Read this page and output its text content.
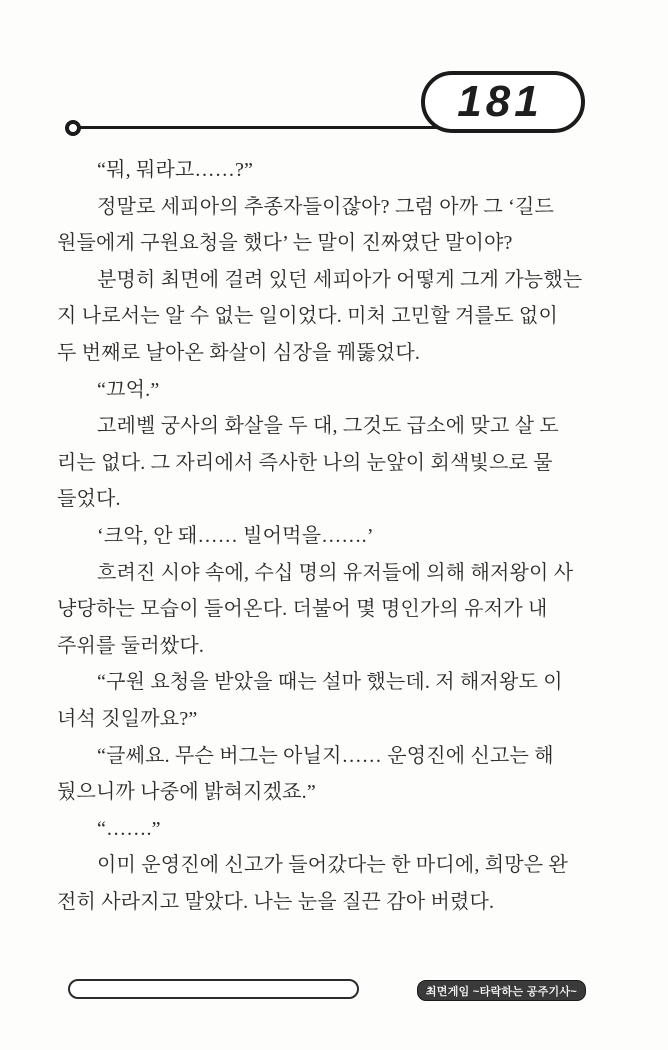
181
“뭐, 뭐라고……?”
정말로 세피아의 추종자들이잖아? 그럼 아까 그 ‘길드
원들에게 구원요청을 했다’ 는 말이 진짜였단 말이야?
분명히 최면에 걸려 있던 세피아가 어떻게 그게 가능했는
지 나로서는 알 수 없는 일이었다. 미처 고민할 겨를도 없이
두 번째로 날아온 화살이 심장을 꿰뚫었다.
“끄억.”
고레벨 궁사의 화살을 두 대, 그것도 급소에 맞고 살 도
리는 없다. 그 자리에서 즉사한 나의 눈앞이 회색빛으로 물
들었다.
‘크악, 안 돼…… 빌어먹을…….’
흐려진 시야 속에, 수십 명의 유저들에 의해 해저왕이 사
냥당하는 모습이 들어온다. 더불어 몇 명인가의 유저가 내
주위를 둘러쌌다.
“구원 요청을 받았을 때는 설마 했는데. 저 해저왕도 이
녀석 짓일까요?”
“글쎄요. 무슨 버그는 아닐지…… 운영진에 신고는 해
뒀으니까 나중에 밝혀지겠죠.”
“…….”
이미 운영진에 신고가 들어갔다는 한 마디에, 희망은 완
전히 사라지고 말았다. 나는 눈을 질끈 감아 버렸다.
최면게임 ~타락하는 공주기사~
